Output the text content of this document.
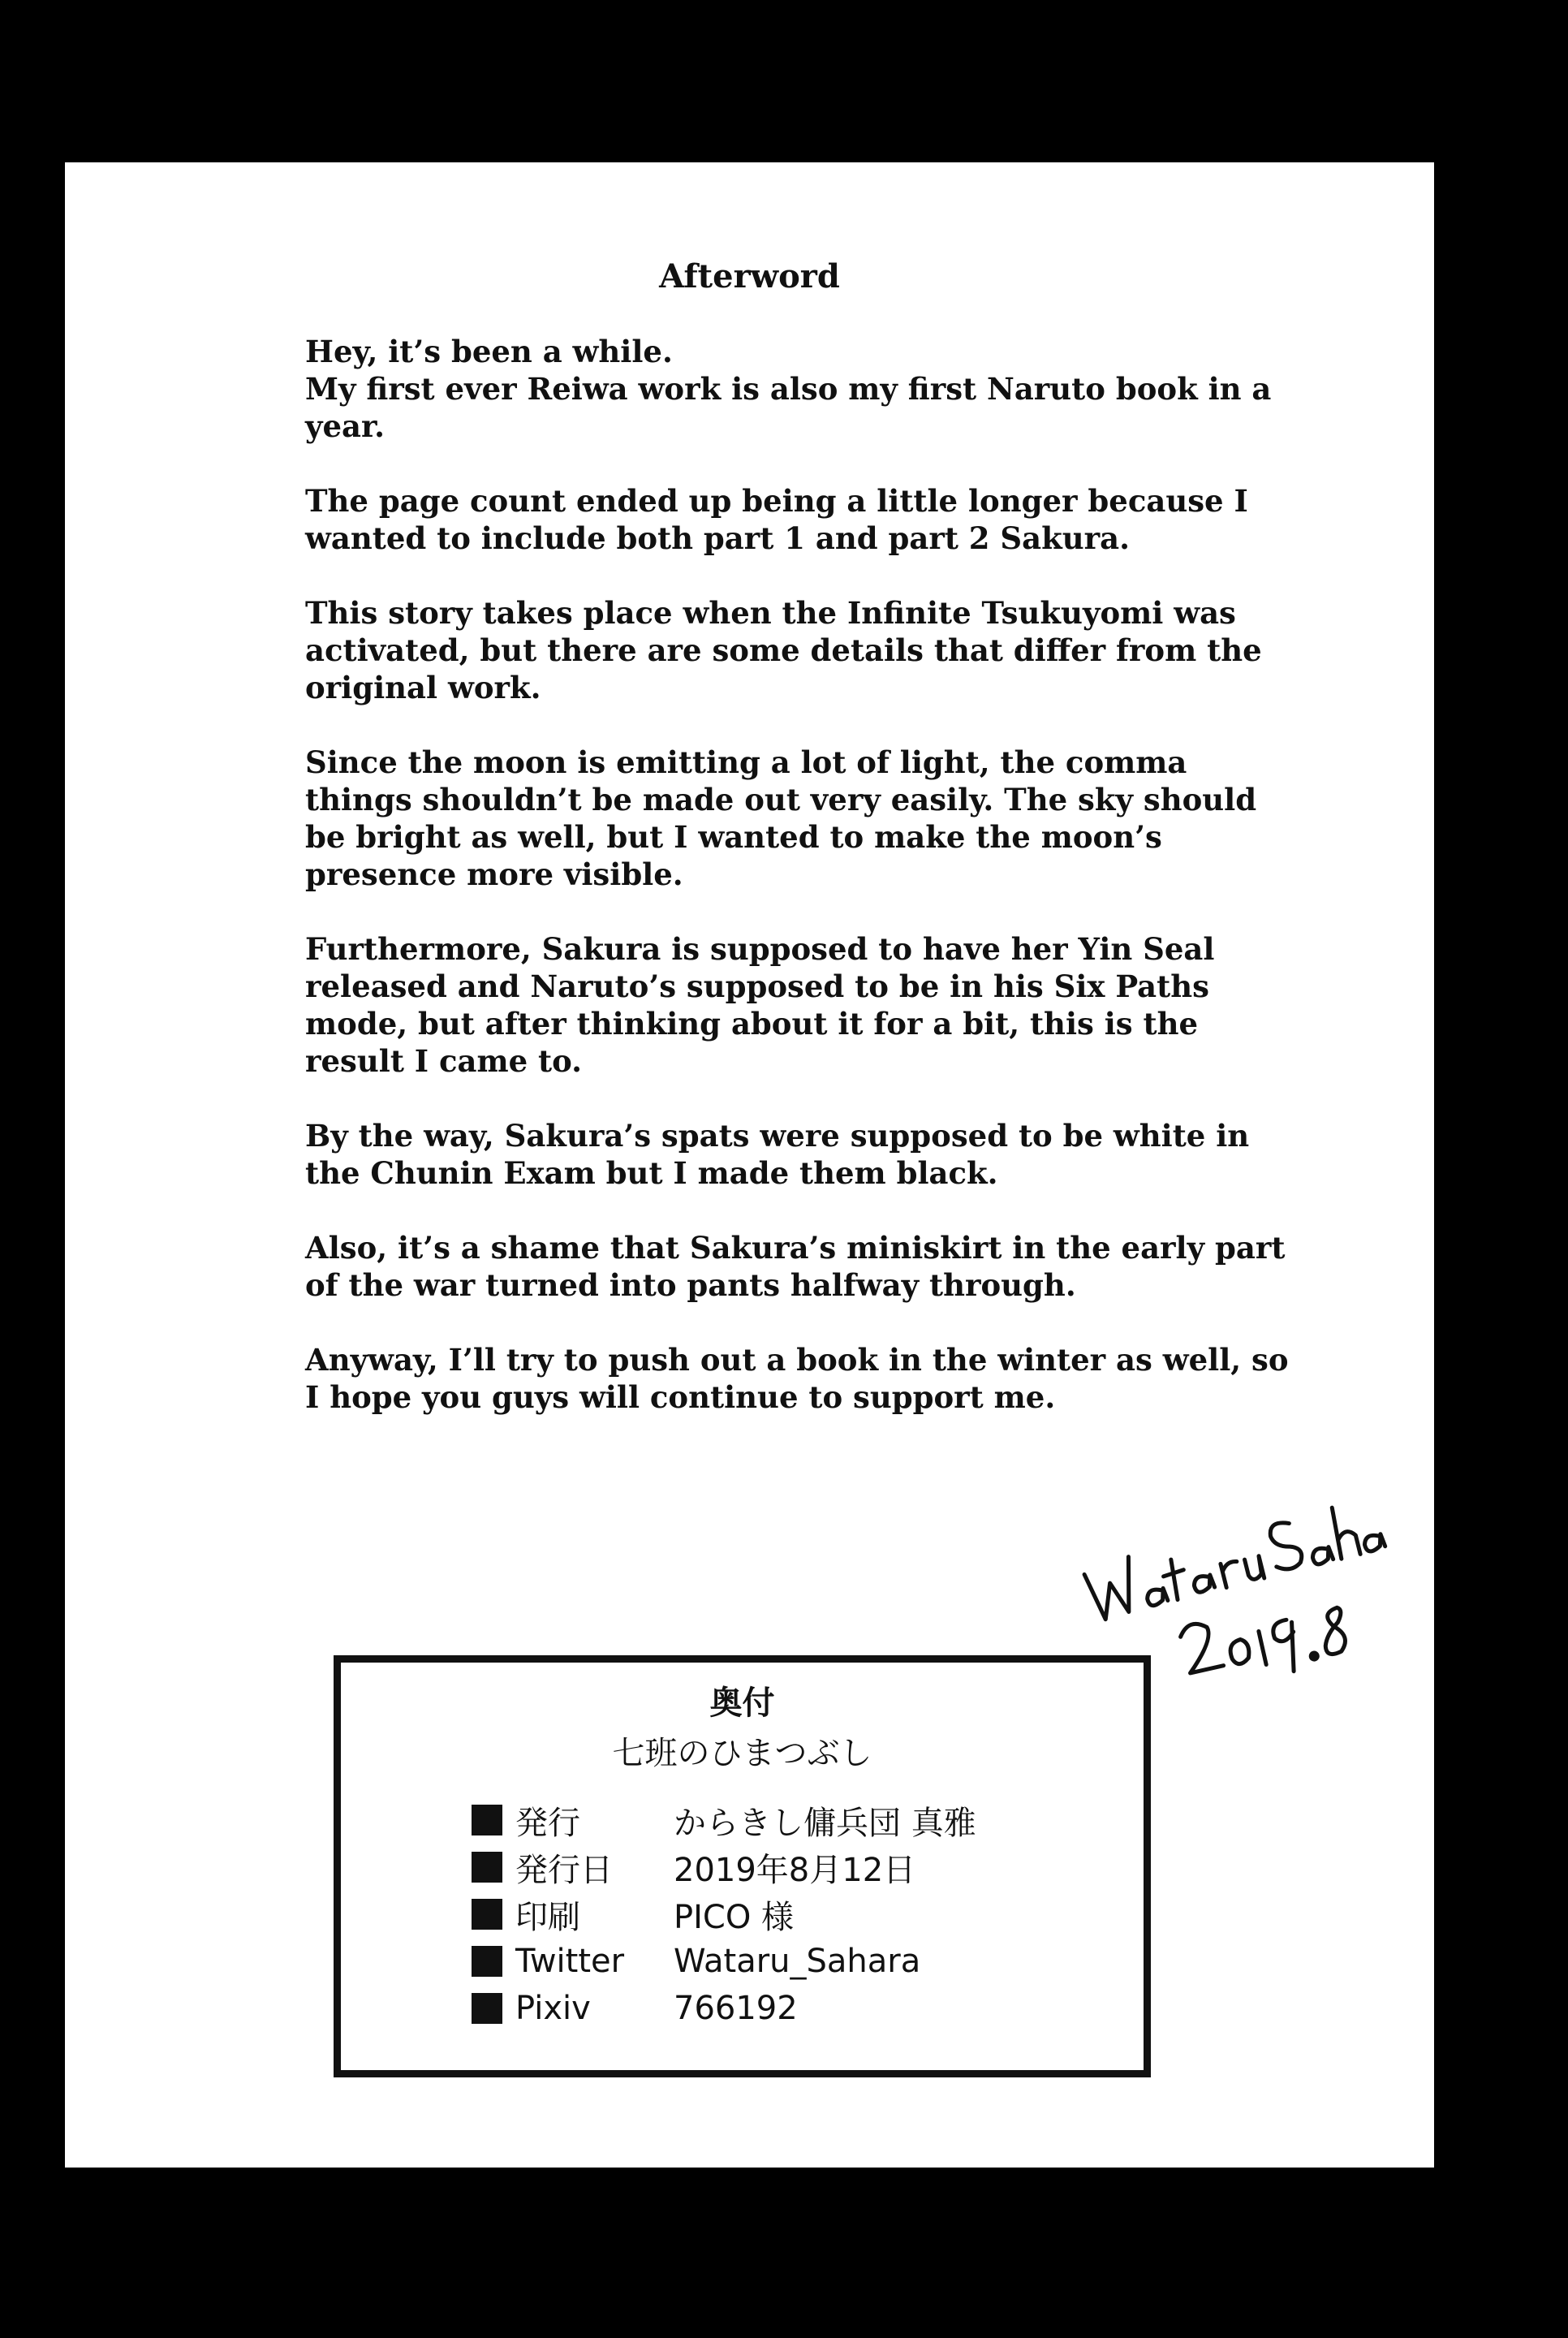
Afterword

Hey, it’s been a while.
My first ever Reiwa work is also my first Naruto book in a year.

The page count ended up being a little longer because I wanted to include both part 1 and part 2 Sakura.

This story takes place when the Infinite Tsukuyomi was activated, but there are some details that differ from the original work.

Since the moon is emitting a lot of light, the comma things shouldn’t be made out very easily. The sky should be bright as well, but I wanted to make the moon’s presence more visible.

Furthermore, Sakura is supposed to have her Yin Seal released and Naruto’s supposed to be in his Six Paths mode, but after thinking about it for a bit, this is the result I came to.

By the way, Sakura’s spats were supposed to be white in the Chunin Exam but I made them black.

Also, it’s a shame that Sakura’s miniskirt in the early part of the war turned into pants halfway through.

Anyway, I’ll try to push out a book in the winter as well, so I hope you guys will continue to support me.

奥付
七班のひまつぶし
発行	からきし傭兵団 真雅
発行日	2019年8月12日
印刷	PICO 様
Twitter	Wataru_Sahara
Pixiv	766192
